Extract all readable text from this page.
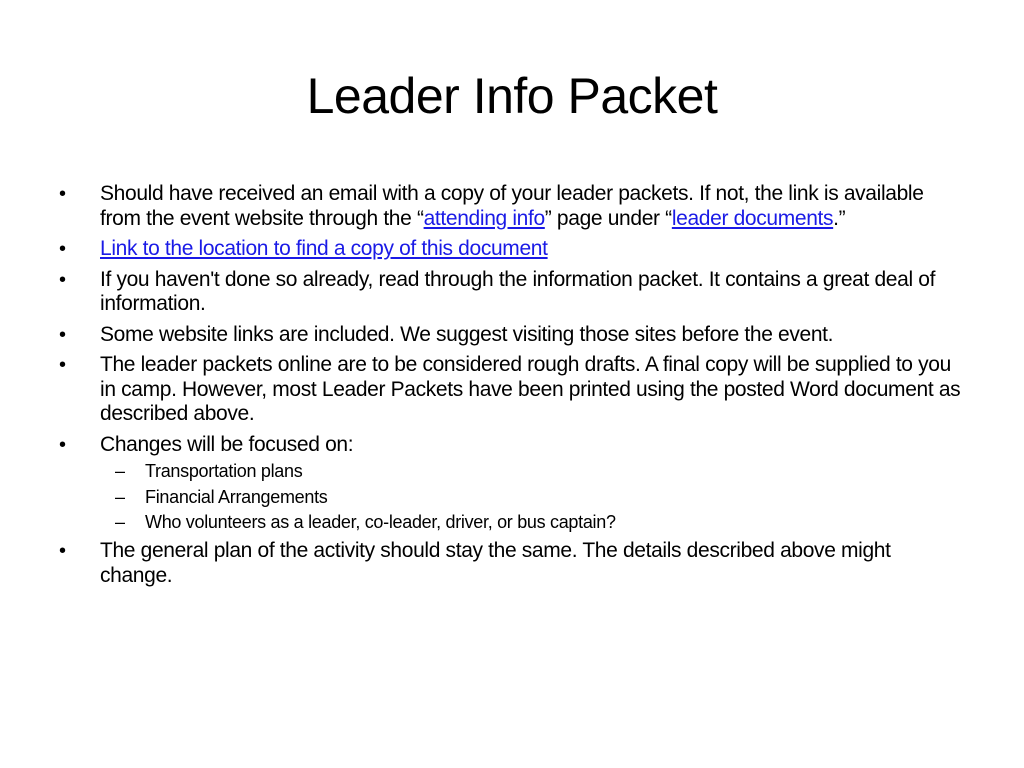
Leader Info Packet
• Should have received an email with a copy of your leader packets. If not, the link is available from the event website through the “attending info” page under “leader documents.”
• Link to the location to find a copy of this document
• If you haven't done so already, read through the information packet. It contains a great deal of information.
• Some website links are included. We suggest visiting those sites before the event.
• The leader packets online are to be considered rough drafts. A final copy will be supplied to you in camp. However, most Leader Packets have been printed using the posted Word document as described above.
• Changes will be focused on:
– Transportation plans
– Financial Arrangements
– Who volunteers as a leader, co-leader, driver, or bus captain?
• The general plan of the activity should stay the same. The details described above might change.
